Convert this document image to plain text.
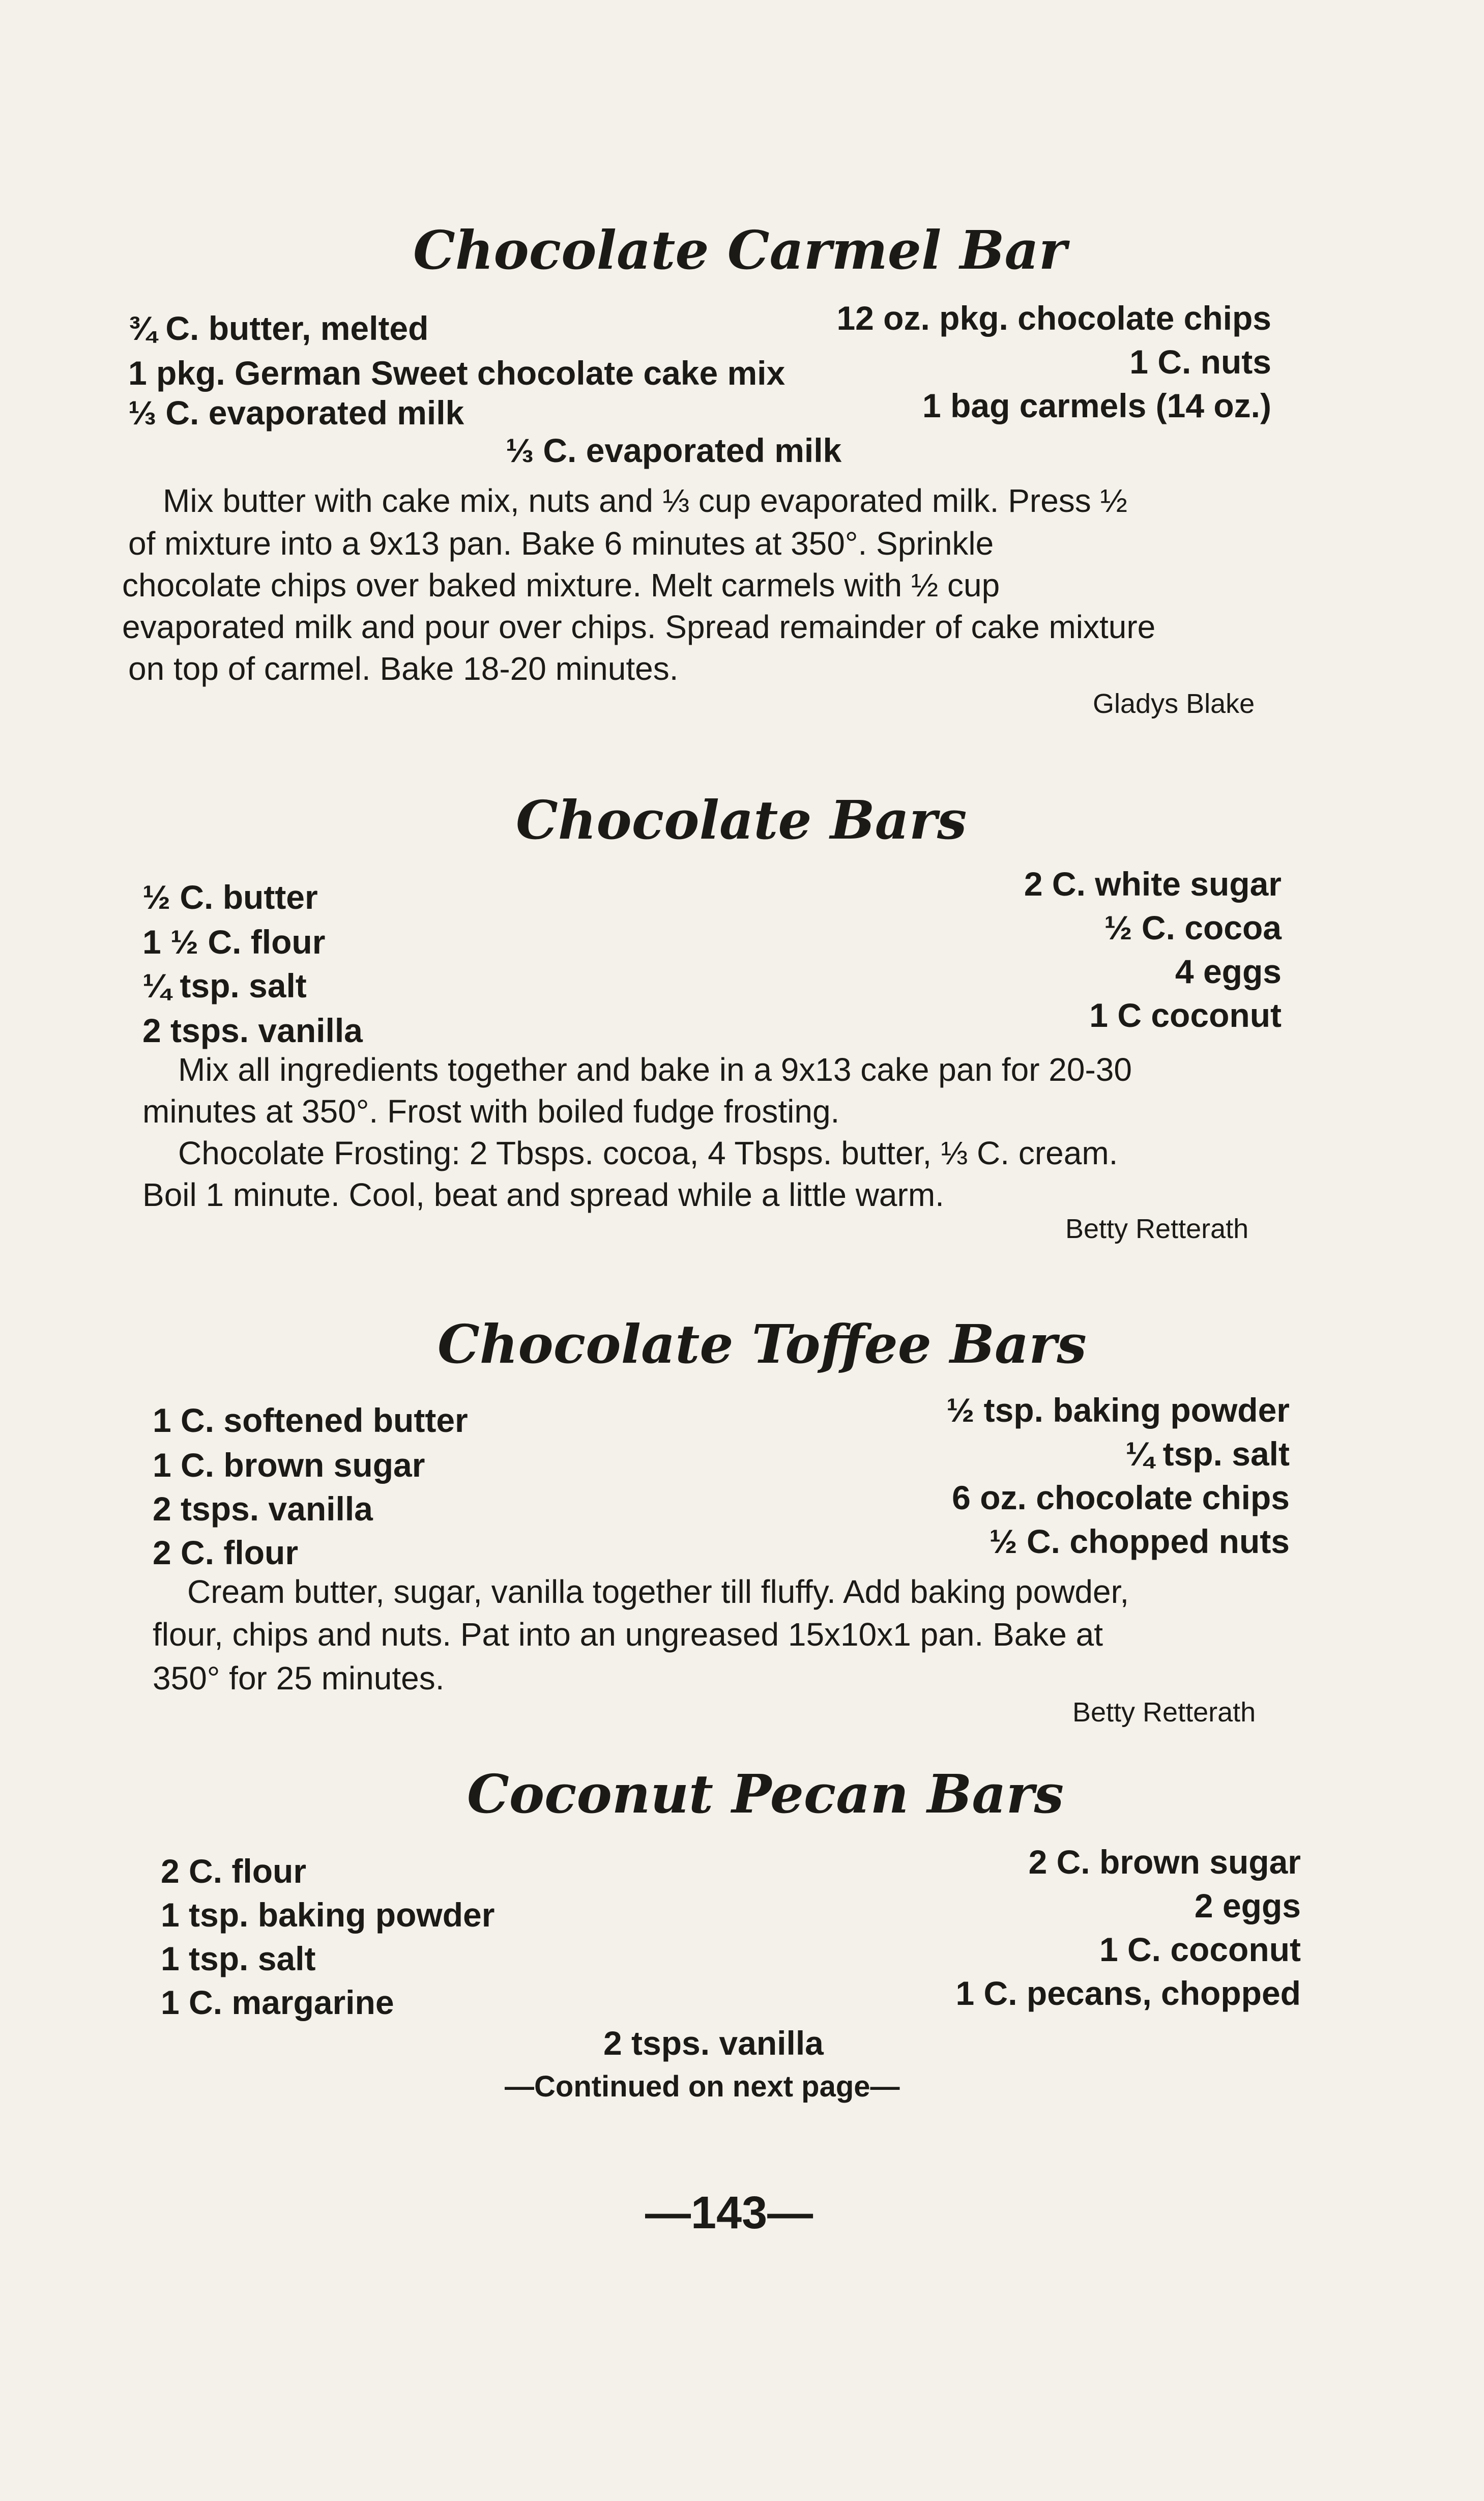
Chocolate Carmel Bar
¾ C. butter, melted
1 pkg. German Sweet chocolate cake mix
⅓ C. evaporated milk
12 oz. pkg. chocolate chips
1 C. nuts
1 bag carmels (14 oz.)
⅓ C. evaporated milk
Mix butter with cake mix, nuts and ⅓ cup evaporated milk. Press ½
of mixture into a 9x13 pan. Bake 6 minutes at 350°. Sprinkle
chocolate chips over baked mixture. Melt carmels with ½ cup
evaporated milk and pour over chips. Spread remainder of cake mixture
on top of carmel. Bake 18-20 minutes.
Gladys Blake
Chocolate Bars
½ C. butter
1 ½ C. flour
¼ tsp. salt
2 tsps. vanilla
2 C. white sugar
½ C. cocoa
4 eggs
1 C coconut
Mix all ingredients together and bake in a 9x13 cake pan for 20-30
minutes at 350°. Frost with boiled fudge frosting.
Chocolate Frosting: 2 Tbsps. cocoa, 4 Tbsps. butter, ⅓ C. cream.
Boil 1 minute. Cool, beat and spread while a little warm.
Betty Retterath
Chocolate Toffee Bars
1 C. softened butter
1 C. brown sugar
2 tsps. vanilla
2 C. flour
½ tsp. baking powder
¼ tsp. salt
6 oz. chocolate chips
½ C. chopped nuts
Cream butter, sugar, vanilla together till fluffy. Add baking powder,
flour, chips and nuts. Pat into an ungreased 15x10x1 pan. Bake at
350° for 25 minutes.
Betty Retterath
Coconut Pecan Bars
2 C. flour
1 tsp. baking powder
1 tsp. salt
1 C. margarine
2 C. brown sugar
2 eggs
1 C. coconut
1 C. pecans, chopped
2 tsps. vanilla
—Continued on next page—
—143—
